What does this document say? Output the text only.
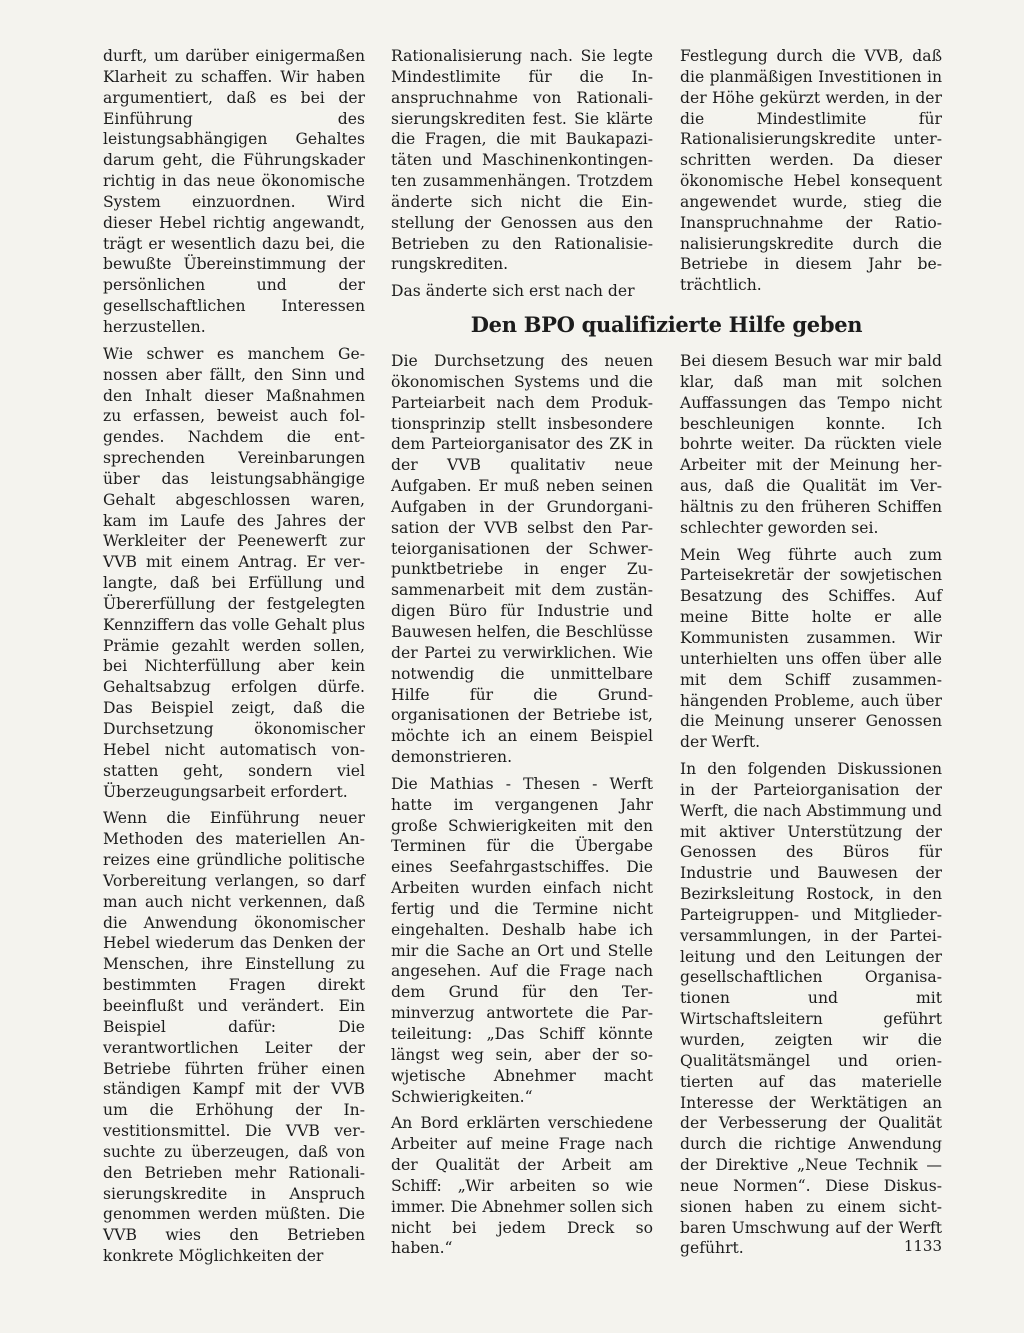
durft, um darüber einigermaßen Klarheit zu schaffen. Wir haben argumentiert, daß es bei der Einführung des leistungsabhängigen Gehaltes darum geht, die Führungskader richtig in das neue ökonomische System einzuordnen. Wird dieser Hebel richtig angewandt, trägt er wesentlich dazu bei, die bewußte Übereinstimmung der persönlichen und der gesellschaftlichen Interessen herzustellen.

Wie schwer es manchem Genossen aber fällt, den Sinn und den Inhalt dieser Maßnahmen zu erfassen, beweist auch folgendes. Nachdem die entsprechenden Vereinbarungen über das leistungsabhängige Gehalt abgeschlossen waren, kam im Laufe des Jahres der Werkleiter der Peenewerft zur VVB mit einem Antrag. Er verlangte, daß bei Erfüllung und Übererfüllung der festgelegten Kennziffern das volle Gehalt plus Prämie gezahlt werden sollen, bei Nichterfüllung aber kein Gehaltsabzug erfolgen dürfe. Das Beispiel zeigt, daß die Durchsetzung ökonomischer Hebel nicht automatisch vonstatten geht, sondern viel Überzeugungsarbeit erfordert.

Wenn die Einführung neuer Methoden des materiellen Anreizes eine gründliche politische Vorbereitung verlangen, so darf man auch nicht verkennen, daß die Anwendung ökonomischer Hebel wiederum das Denken der Menschen, ihre Einstellung zu bestimmten Fragen direkt beeinflußt und verändert. Ein Beispiel dafür: Die verantwortlichen Leiter der Betriebe führten früher einen ständigen Kampf mit der VVB um die Erhöhung der Investitionsmittel. Die VVB versuchte zu überzeugen, daß von den Betrieben mehr Rationalisierungskredite in Anspruch genommen werden müßten. Die VVB wies den Betrieben konkrete Möglichkeiten der

Rationalisierung nach. Sie legte Mindestlimite für die Inanspruchnahme von Rationalisierungskrediten fest. Sie klärte die Fragen, die mit Baukapazitäten und Maschinenkontingenten zusammenhängen. Trotzdem änderte sich nicht die Einstellung der Genossen aus den Betrieben zu den Rationalisierungskrediten.

Das änderte sich erst nach der

Festlegung durch die VVB, daß die planmäßigen Investitionen in der Höhe gekürzt werden, in der die Mindestlimite für Rationalisierungskredite unterschritten werden. Da dieser ökonomische Hebel konsequent angewendet wurde, stieg die Inanspruchnahme der Rationalisierungskredite durch die Betriebe in diesem Jahr beträchtlich.

Den BPO qualifizierte Hilfe geben

Die Durchsetzung des neuen ökonomischen Systems und die Parteiarbeit nach dem Produktionsprinzip stellt insbesondere dem Parteiorganisator des ZK in der VVB qualitativ neue Aufgaben. Er muß neben seinen Aufgaben in der Grundorganisation der VVB selbst den Parteiorganisationen der Schwerpunktbetriebe in enger Zusammenarbeit mit dem zuständigen Büro für Industrie und Bauwesen helfen, die Beschlüsse der Partei zu verwirklichen. Wie notwendig die unmittelbare Hilfe für die Grundorganisationen der Betriebe ist, möchte ich an einem Beispiel demonstrieren.

Die Mathias - Thesen - Werft hatte im vergangenen Jahr große Schwierigkeiten mit den Terminen für die Übergabe eines Seefahrgastschiffes. Die Arbeiten wurden einfach nicht fertig und die Termine nicht eingehalten. Deshalb habe ich mir die Sache an Ort und Stelle angesehen. Auf die Frage nach dem Grund für den Terminverzug antwortete die Parteileitung: „Das Schiff könnte längst weg sein, aber der sowjetische Abnehmer macht Schwierigkeiten.“

An Bord erklärten verschiedene Arbeiter auf meine Frage nach der Qualität der Arbeit am Schiff: „Wir arbeiten so wie immer. Die Abnehmer sollen sich nicht bei jedem Dreck so haben.“

Bei diesem Besuch war mir bald klar, daß man mit solchen Auffassungen das Tempo nicht beschleunigen konnte. Ich bohrte weiter. Da rückten viele Arbeiter mit der Meinung heraus, daß die Qualität im Verhältnis zu den früheren Schiffen schlechter geworden sei.

Mein Weg führte auch zum Parteisekretär der sowjetischen Besatzung des Schiffes. Auf meine Bitte holte er alle Kommunisten zusammen. Wir unterhielten uns offen über alle mit dem Schiff zusammenhängenden Probleme, auch über die Meinung unserer Genossen der Werft.

In den folgenden Diskussionen in der Parteiorganisation der Werft, die nach Abstimmung und mit aktiver Unterstützung der Genossen des Büros für Industrie und Bauwesen der Bezirksleitung Rostock, in den Parteigruppen- und Mitgliederversammlungen, in der Parteileitung und den Leitungen der gesellschaftlichen Organisationen und mit Wirtschaftsleitern geführt wurden, zeigten wir die Qualitätsmängel und orientierten auf das materielle Interesse der Werktätigen an der Verbesserung der Qualität durch die richtige Anwendung der Direktive „Neue Technik — neue Normen“. Diese Diskussionen haben zu einem sichtbaren Umschwung auf der Werft geführt.	1133
